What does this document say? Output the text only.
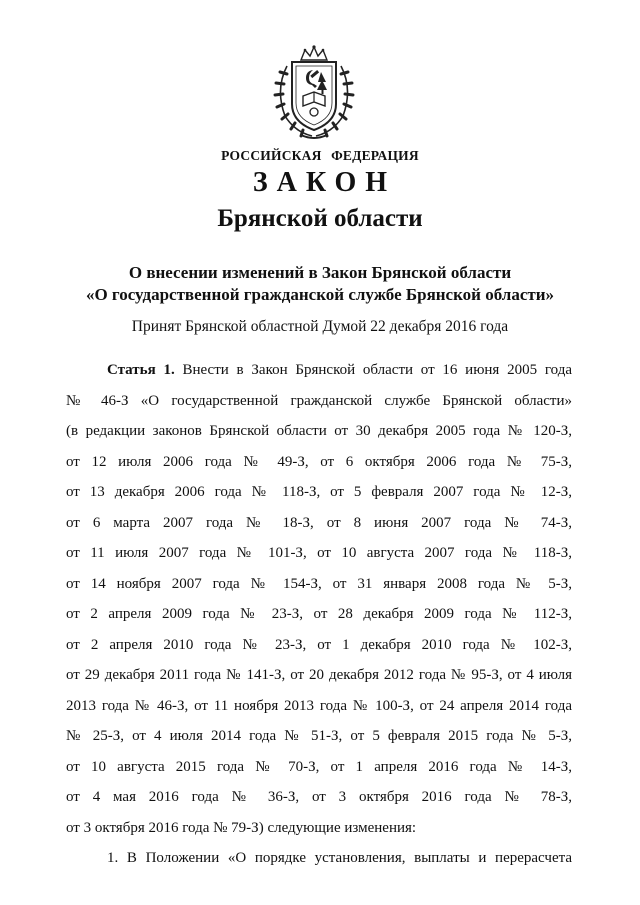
РОССИЙСКАЯ ФЕДЕРАЦИЯ
ЗАКОН
Брянской области
О внесении изменений в Закон Брянской области
«О государственной гражданской службе Брянской области»
Принят Брянской областной Думой 22 декабря 2016 года
Статья 1. Внести в Закон Брянской области от 16 июня 2005 года
№ 46-З «О государственной гражданской службе Брянской области»
(в редакции законов Брянской области от 30 декабря 2005 года № 120-З,
от 12 июля 2006 года № 49-З, от 6 октября 2006 года № 75-З,
от 13 декабря 2006 года № 118-З, от 5 февраля 2007 года № 12-З,
от 6 марта 2007 года № 18-З, от 8 июня 2007 года № 74-З,
от 11 июля 2007 года № 101-З, от 10 августа 2007 года № 118-З,
от 14 ноября 2007 года № 154-З, от 31 января 2008 года № 5-З,
от 2 апреля 2009 года № 23-З, от 28 декабря 2009 года № 112-З,
от 2 апреля 2010 года № 23-З, от 1 декабря 2010 года № 102-З,
от 29 декабря 2011 года № 141-З, от 20 декабря 2012 года № 95-З, от 4 июля
2013 года № 46-З, от 11 ноября 2013 года № 100-З, от 24 апреля 2014 года
№ 25-З, от 4 июля 2014 года № 51-З, от 5 февраля 2015 года № 5-З,
от 10 августа 2015 года № 70-З, от 1 апреля 2016 года № 14-З,
от 4 мая 2016 года № 36-З, от 3 октября 2016 года № 78-З,
от 3 октября 2016 года № 79-З) следующие изменения:
1. В Положении «О порядке установления, выплаты и перерасчета
